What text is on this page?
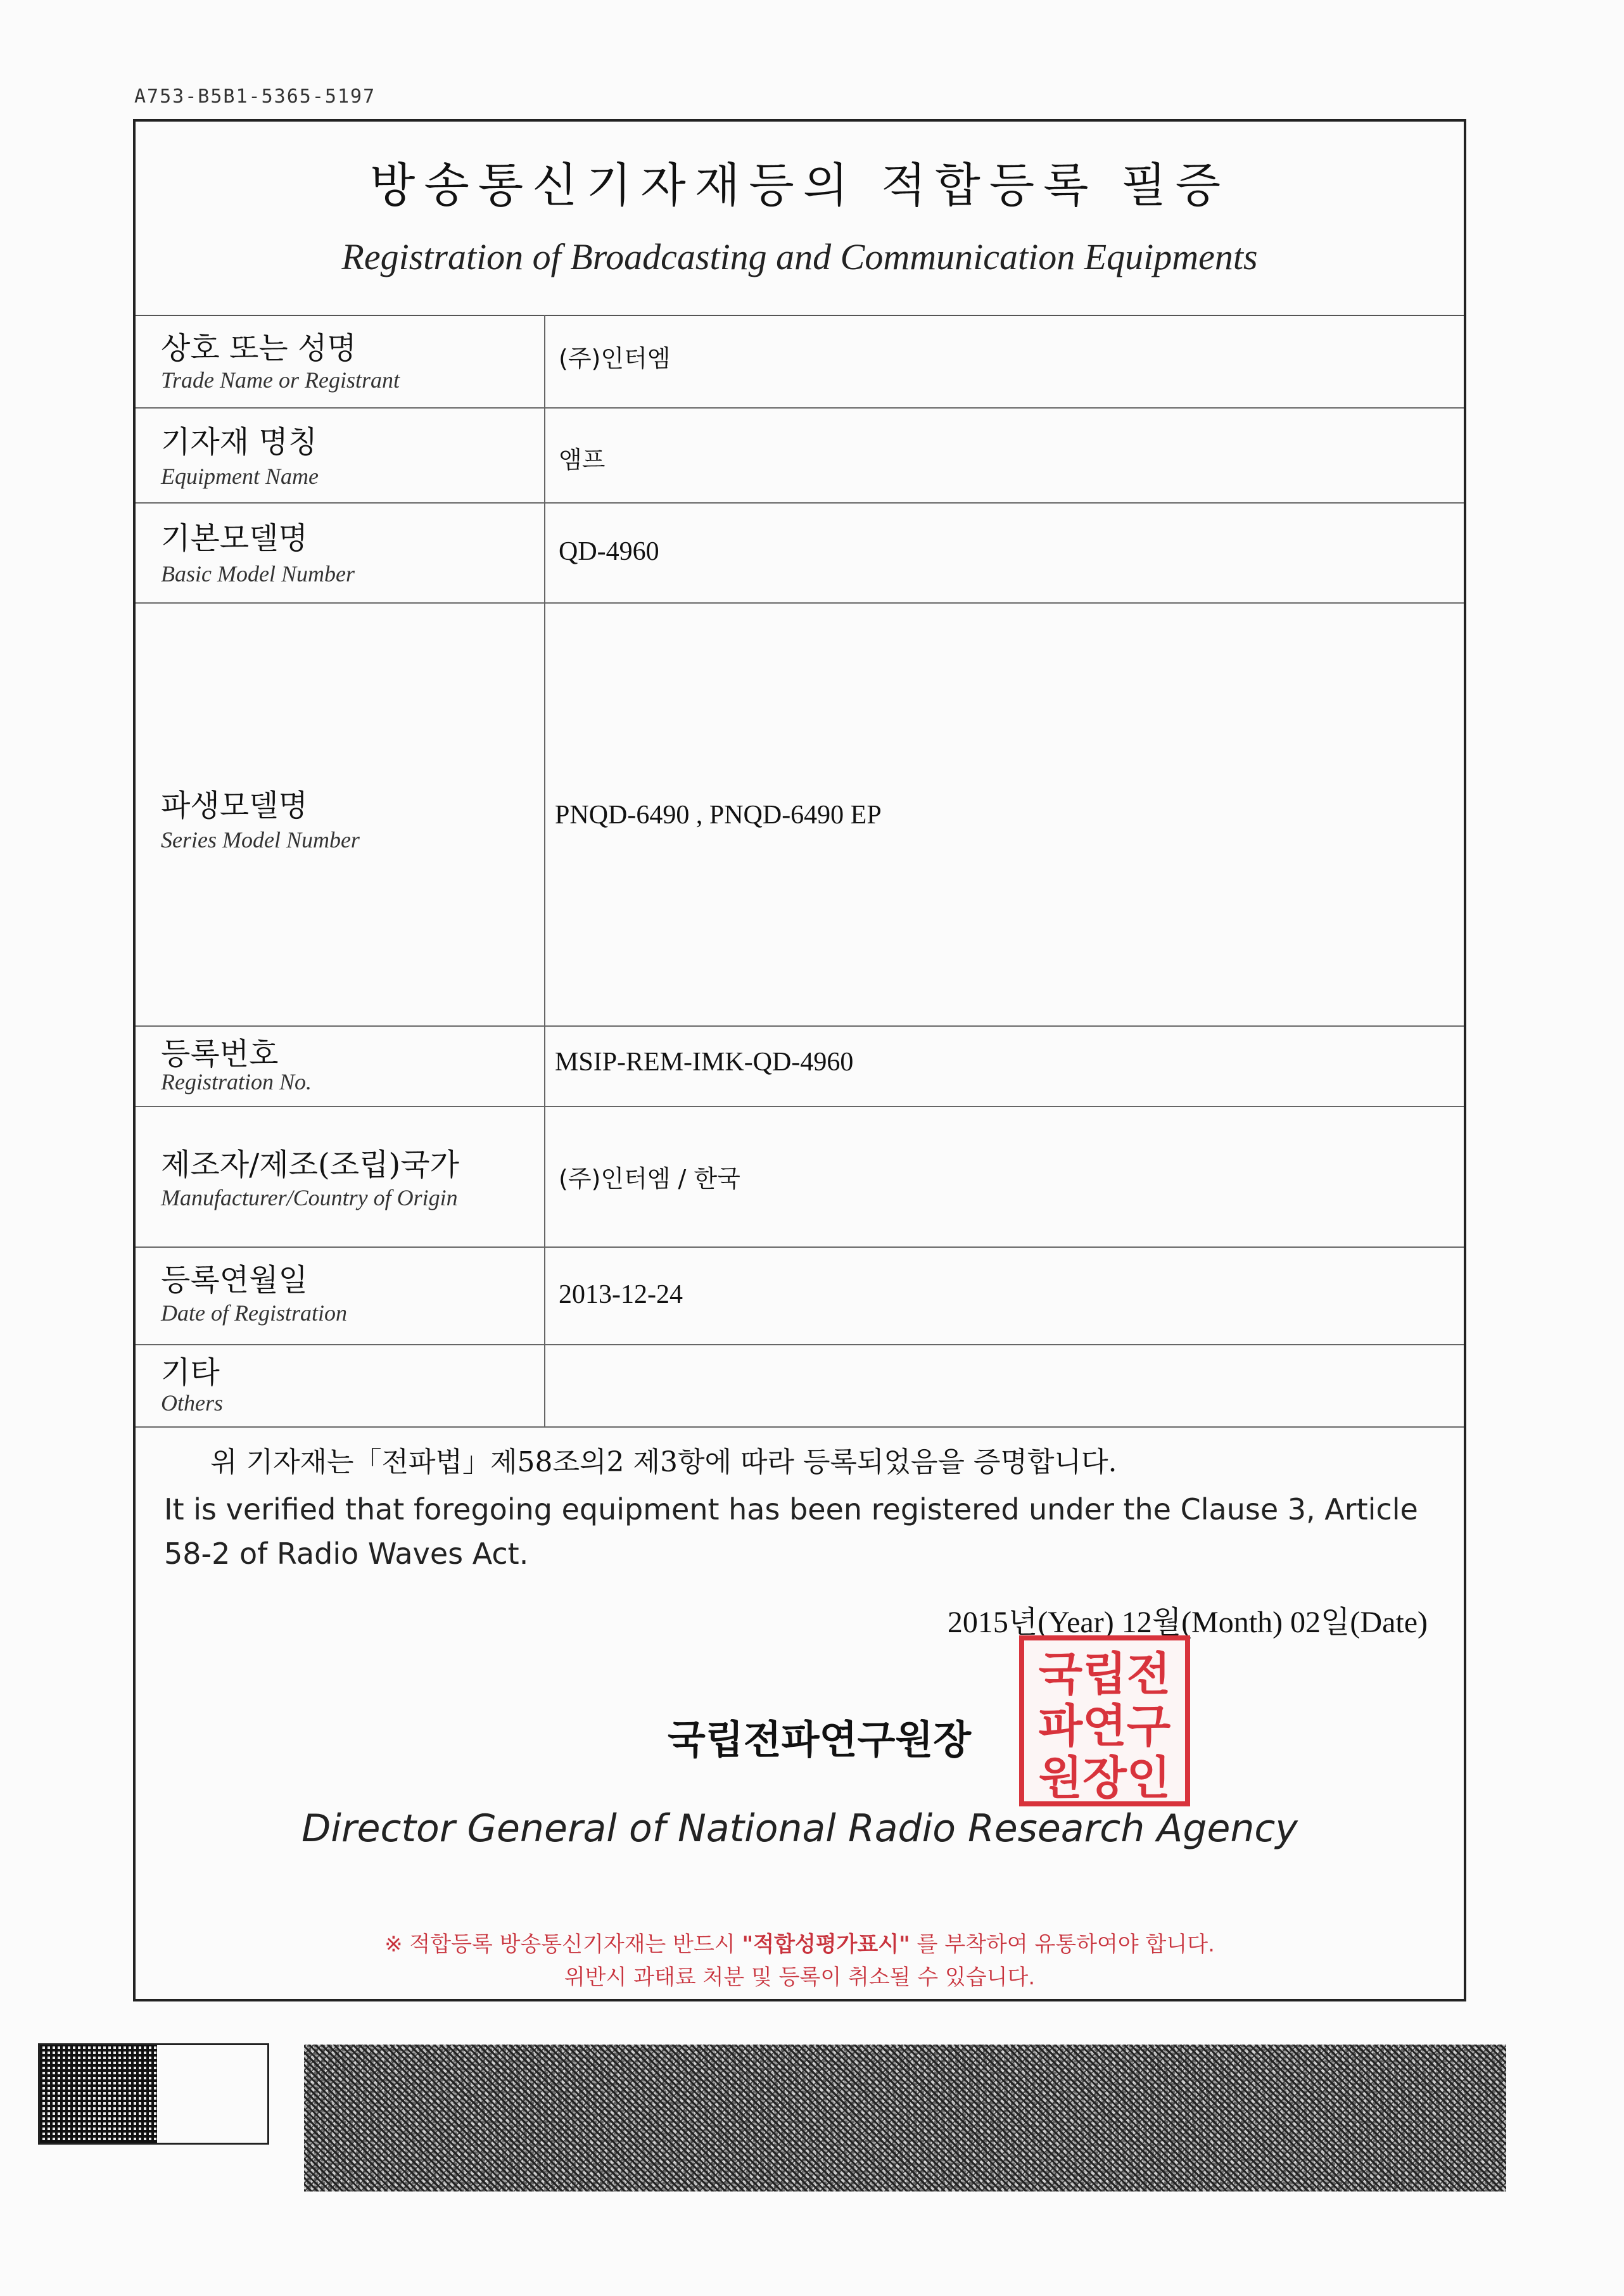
A753-B5B1-5365-5197
방송통신기자재등의 적합등록 필증
Registration of Broadcasting and Communication Equipments
상호 또는 성명
Trade Name or Registrant
(주)인터엠
기자재 명칭
Equipment Name
앰프
기본모델명
Basic Model Number
QD-4960
파생모델명
Series Model Number
PNQD-6490 , PNQD-6490 EP
등록번호
Registration No.
MSIP-REM-IMK-QD-4960
제조자/제조(조립)국가
Manufacturer/Country of Origin
(주)인터엠 / 한국
등록연월일
Date of Registration
2013-12-24
기타
Others
위 기자재는「전파법」제58조의2 제3항에 따라 등록되었음을 증명합니다.
It is verified that foregoing equipment has been registered under the Clause 3, Article 58-2 of Radio Waves Act.
2015년(Year) 12월(Month) 02일(Date)
국립전파연구원장
국립전
파연구
원장인
Director General of National Radio Research Agency
※ 적합등록 방송통신기자재는 반드시 "적합성평가표시" 를 부착하여 유통하여야 합니다.
위반시 과태료 처분 및 등록이 취소될 수 있습니다.
